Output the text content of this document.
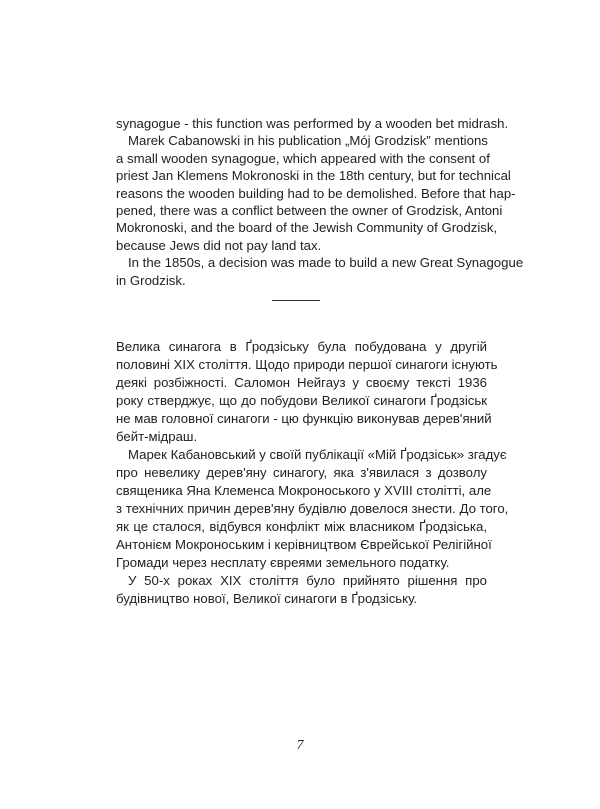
synagogue - this function was performed by a wooden bet midrash.
Marek Cabanowski in his publication „Mój Grodzisk” mentions
a small wooden synagogue, which appeared with the consent of
priest Jan Klemens Mokronoski in the 18th century, but for technical
reasons the wooden building had to be demolished. Before that hap-
pened, there was a conflict between the owner of Grodzisk, Antoni
Mokronoski, and the board of the Jewish Community of Grodzisk,
because Jews did not pay land tax.
In the 1850s, a decision was made to build a new Great Synagogue
in Grodzisk.
Велика синагога в Ґродзіську була побудована у другій
половині XIX століття. Щодо природи першої синагоги існують
деякі розбіжності. Саломон Нейгауз у своєму тексті 1936
року стверджує, що до побудови Великої синагоги Ґродзіськ
не мав головної синагоги - цю функцію виконував дерев'яний
бейт-мідраш.
Марек Кабановський у своїй публікації «Мій Ґродзіськ» згадує
про невелику дерев'яну синагогу, яка з'явилася з дозволу
священика Яна Клеменса Мокроноського у XVIII столітті, але
з технічних причин дерев'яну будівлю довелося знести. До того,
як це сталося, відбувся конфлікт між власником Ґродзіська,
Антонієм Мокроноським і керівництвом Єврейської Релігійної
Громади через несплату євреями земельного податку.
У 50-х роках XIX століття було прийнято рішення про
будівництво нової, Великої синагоги в Ґродзіську.
7
